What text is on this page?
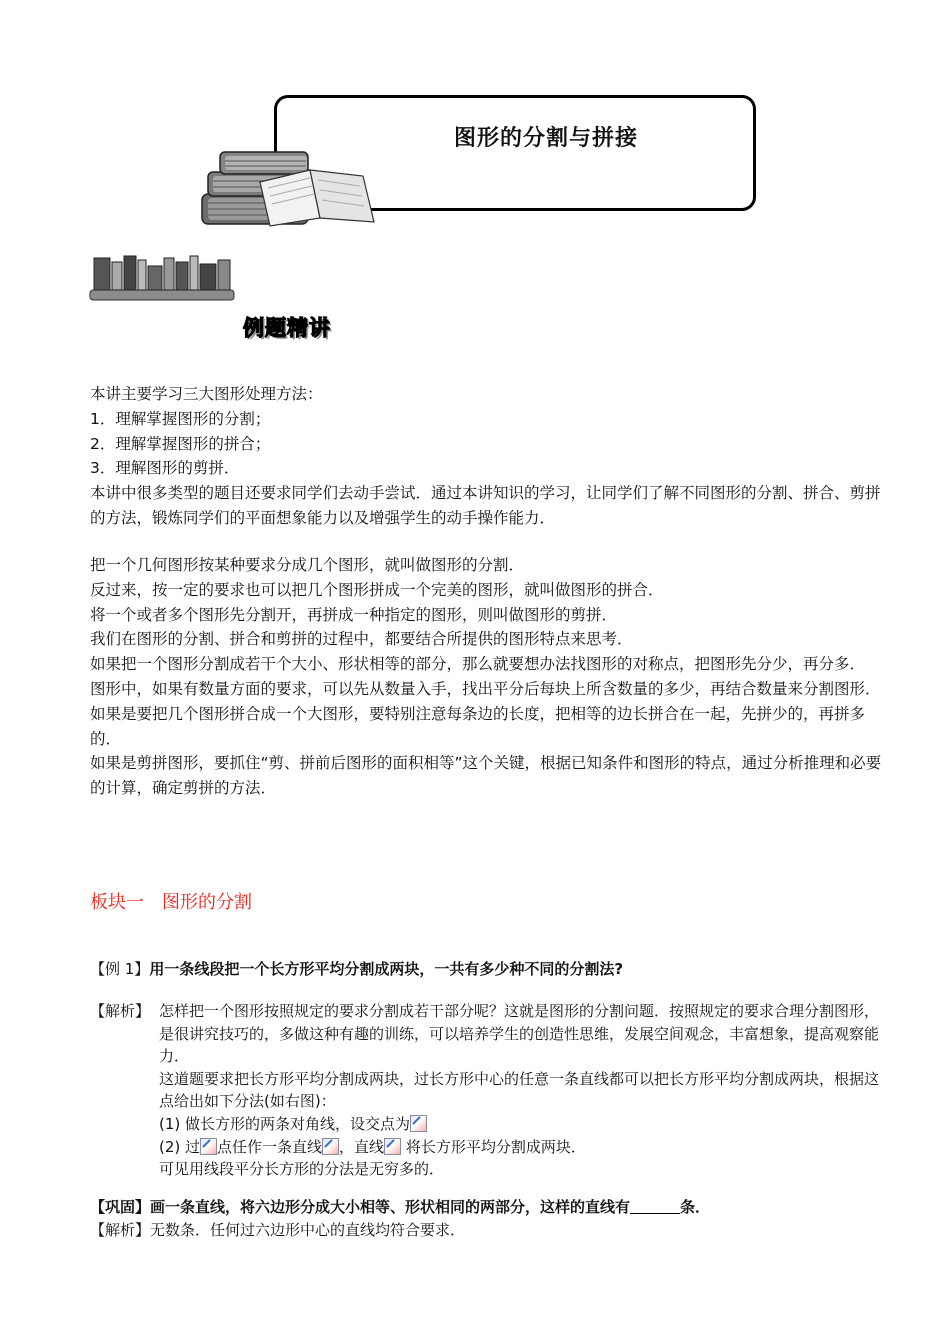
图形的分割与拼接
例题精讲

本讲主要学习三大图形处理方法：

1．理解掌握图形的分割；

2．理解掌握图形的拼合；

3．理解图形的剪拼．

本讲中很多类型的题目还要求同学们去动手尝试．通过本讲知识的学习，让同学们了解不同图形的分割、拼合、剪拼的方法，锻炼同学们的平面想象能力以及增强学生的动手操作能力．

把一个几何图形按某种要求分成几个图形，就叫做图形的分割．

反过来，按一定的要求也可以把几个图形拼成一个完美的图形，就叫做图形的拼合．

将一个或者多个图形先分割开，再拼成一种指定的图形，则叫做图形的剪拼．

我们在图形的分割、拼合和剪拼的过程中，都要结合所提供的图形特点来思考．

如果把一个图形分割成若干个大小、形状相等的部分，那么就要想办法找图形的对称点，把图形先分少，再分多．

图形中，如果有数量方面的要求，可以先从数量入手，找出平分后每块上所含数量的多少，再结合数量来分割图形．

如果是要把几个图形拼合成一个大图形，要特别注意每条边的长度，把相等的边长拼合在一起，先拼少的，再拼多的．

如果是剪拼图形，要抓住“剪、拼前后图形的面积相等”这个关键，根据已知条件和图形的特点，通过分析推理和必要的计算，确定剪拼的方法．

板块一　图形的分割
【例 1】用一条线段把一个长方形平均分割成两块，一共有多少种不同的分割法?
【解析】 怎样把一个图形按照规定的要求分割成若干部分呢？这就是图形的分割问题．按照规定的要求合理分割图形，是很讲究技巧的，多做这种有趣的训练，可以培养学生的创造性思维，发展空间观念，丰富想象，提高观察能力．

这道题要求把长方形平均分割成两块，过长方形中心的任意一条直线都可以把长方形平均分割成两块，根据这点给出如下分法(如右图)：

(1) 做长方形的两条对角线，设交点为

(2) 过 点任作一条直线 ，直线 将长方形平均分割成两块．

可见用线段平分长方形的分法是无穷多的．

【巩固】画一条直线，将六边形分成大小相等、形状相同的两部分，这样的直线有	条．
【解析】无数条．任何过六边形中心的直线均符合要求．
